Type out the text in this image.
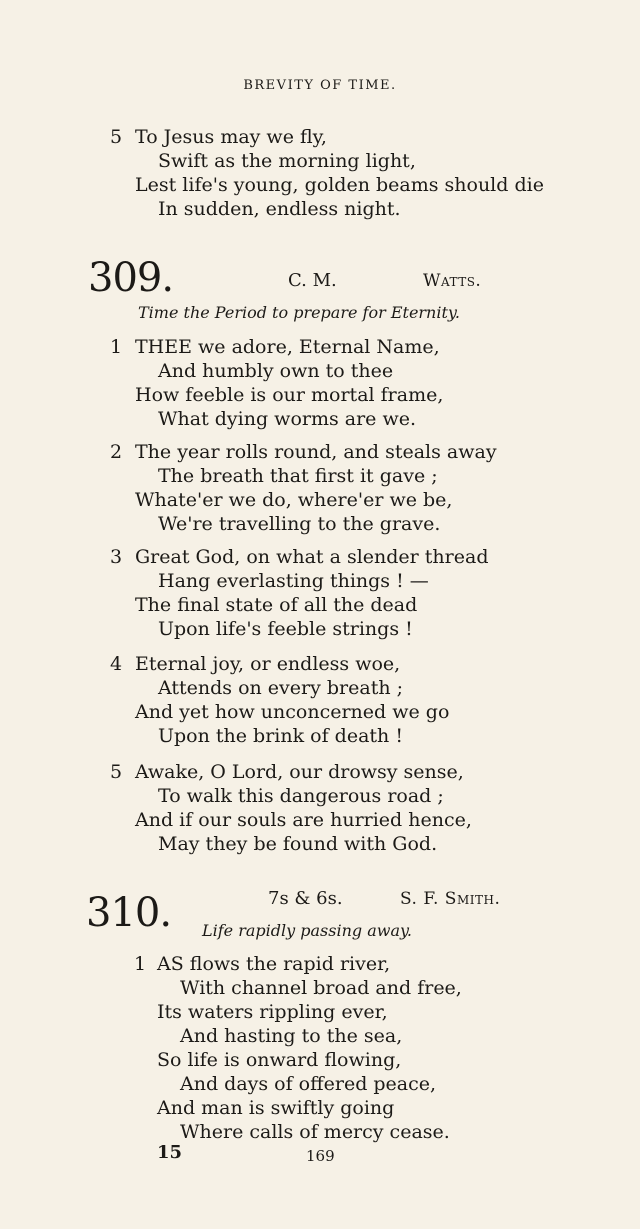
BREVITY OF TIME.
5 To Jesus may we fly,
Swift as the morning light,
Lest life's young, golden beams should die
In sudden, endless night.
309.	C. M.	Watts.
Time the Period to prepare for Eternity.
1 THEE we adore, Eternal Name,
And humbly own to thee
How feeble is our mortal frame,
What dying worms are we.
2 The year rolls round, and steals away
The breath that first it gave ;
Whate'er we do, where'er we be,
We're travelling to the grave.
3 Great God, on what a slender thread
Hang everlasting things ! —
The final state of all the dead
Upon life's feeble strings !
4 Eternal joy, or endless woe,
Attends on every breath ;
And yet how unconcerned we go
Upon the brink of death !
5 Awake, O Lord, our drowsy sense,
To walk this dangerous road ;
And if our souls are hurried hence,
May they be found with God.
310.	7s & 6s.	S. F. Smith.
Life rapidly passing away.
1 AS flows the rapid river,
With channel broad and free,
Its waters rippling ever,
And hasting to the sea,
So life is onward flowing,
And days of offered peace,
And man is swiftly going
Where calls of mercy cease.
15	169
